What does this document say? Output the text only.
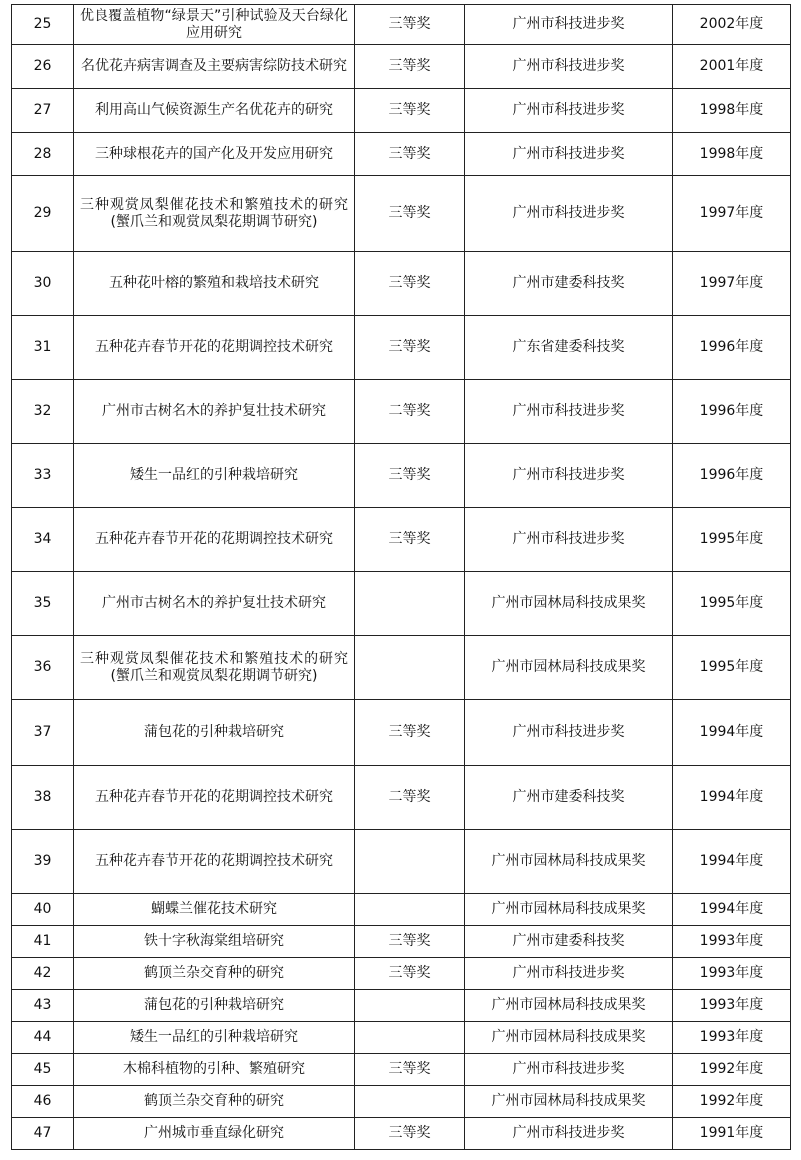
25	优良覆盖植物“绿景天”引种试验及天台绿化应用研究	三等奖	广州市科技进步奖	2002年度
26	名优花卉病害调查及主要病害综防技术研究	三等奖	广州市科技进步奖	2001年度
27	利用高山气候资源生产名优花卉的研究	三等奖	广州市科技进步奖	1998年度
28	三种球根花卉的国产化及开发应用研究	三等奖	广州市科技进步奖	1998年度
29	三种观赏凤梨催花技术和繁殖技术的研究(蟹爪兰和观赏凤梨花期调节研究)	三等奖	广州市科技进步奖	1997年度
30	五种花叶榕的繁殖和栽培技术研究	三等奖	广州市建委科技奖	1997年度
31	五种花卉春节开花的花期调控技术研究	三等奖	广东省建委科技奖	1996年度
32	广州市古树名木的养护复壮技术研究	二等奖	广州市科技进步奖	1996年度
33	矮生一品红的引种栽培研究	三等奖	广州市科技进步奖	1996年度
34	五种花卉春节开花的花期调控技术研究	三等奖	广州市科技进步奖	1995年度
35	广州市古树名木的养护复壮技术研究		广州市园林局科技成果奖	1995年度
36	三种观赏凤梨催花技术和繁殖技术的研究(蟹爪兰和观赏凤梨花期调节研究)		广州市园林局科技成果奖	1995年度
37	蒲包花的引种栽培研究	三等奖	广州市科技进步奖	1994年度
38	五种花卉春节开花的花期调控技术研究	二等奖	广州市建委科技奖	1994年度
39	五种花卉春节开花的花期调控技术研究		广州市园林局科技成果奖	1994年度
40	蝴蝶兰催花技术研究		广州市园林局科技成果奖	1994年度
41	铁十字秋海棠组培研究	三等奖	广州市建委科技奖	1993年度
42	鹤顶兰杂交育种的研究	三等奖	广州市科技进步奖	1993年度
43	蒲包花的引种栽培研究		广州市园林局科技成果奖	1993年度
44	矮生一品红的引种栽培研究		广州市园林局科技成果奖	1993年度
45	木棉科植物的引种、繁殖研究	三等奖	广州市科技进步奖	1992年度
46	鹤顶兰杂交育种的研究		广州市园林局科技成果奖	1992年度
47	广州城市垂直绿化研究	三等奖	广州市科技进步奖	1991年度
